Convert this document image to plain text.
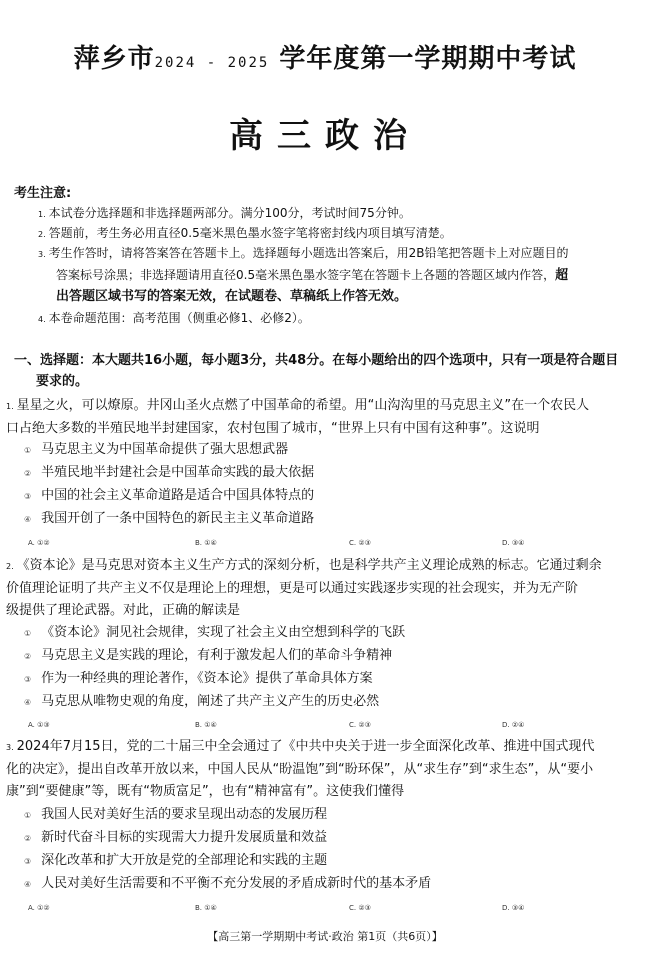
萍乡市2024 - 2025 学年度第一学期期中考试
高三政治
考生注意:
1. 本试卷分选择题和非选择题两部分。满分100分，考试时间75分钟。
2. 答题前，考生务必用直径0.5毫米黑色墨水签字笔将密封线内项目填写清楚。
3. 考生作答时，请将答案答在答题卡上。选择题每小题选出答案后，用2B铅笔把答题卡上对应题目的
答案标号涂黑；非选择题请用直径0.5毫米黑色墨水签字笔在答题卡上各题的答题区域内作答，超
出答题区域书写的答案无效，在试题卷、草稿纸上作答无效。
4. 本卷命题范围：高考范围（侧重必修1、必修2）。
一、选择题：本大题共16小题，每小题3分，共48分。在每小题给出的四个选项中，只有一项是符合题目
要求的。
1. 星星之火，可以燎原。井冈山圣火点燃了中国革命的希望。用“山沟沟里的马克思主义”在一个农民人
口占绝大多数的半殖民地半封建国家，农村包围了城市，“世界上只有中国有这种事”。这说明
① 马克思主义为中国革命提供了强大思想武器
② 半殖民地半封建社会是中国革命实践的最大依据
③ 中国的社会主义革命道路是适合中国具体特点的
④ 我国开创了一条中国特色的新民主主义革命道路
A. ①②	B. ①④	C. ②③	D. ③④
2. 《资本论》是马克思对资本主义生产方式的深刻分析，也是科学共产主义理论成熟的标志。它通过剩余
价值理论证明了共产主义不仅是理论上的理想，更是可以通过实践逐步实现的社会现实，并为无产阶
级提供了理论武器。对此，正确的解读是
① 《资本论》洞见社会规律，实现了社会主义由空想到科学的飞跃
② 马克思主义是实践的理论，有利于激发起人们的革命斗争精神
③ 作为一种经典的理论著作，《资本论》提供了革命具体方案
④ 马克思从唯物史观的角度，阐述了共产主义产生的历史必然
A. ①③	B. ①④	C. ②③	D. ②④
3. 2024年7月15日，党的二十届三中全会通过了《中共中央关于进一步全面深化改革、推进中国式现代
化的决定》，提出自改革开放以来，中国人民从“盼温饱”到“盼环保”，从“求生存”到“求生态”，从“要小
康”到“要健康”等，既有“物质富足”，也有“精神富有”。这使我们懂得
① 我国人民对美好生活的要求呈现出动态的发展历程
② 新时代奋斗目标的实现需大力提升发展质量和效益
③ 深化改革和扩大开放是党的全部理论和实践的主题
④ 人民对美好生活需要和不平衡不充分发展的矛盾成新时代的基本矛盾
A. ①②	B. ①④	C. ②③	D. ③④
【高三第一学期期中考试·政治 第1页（共6页）】
